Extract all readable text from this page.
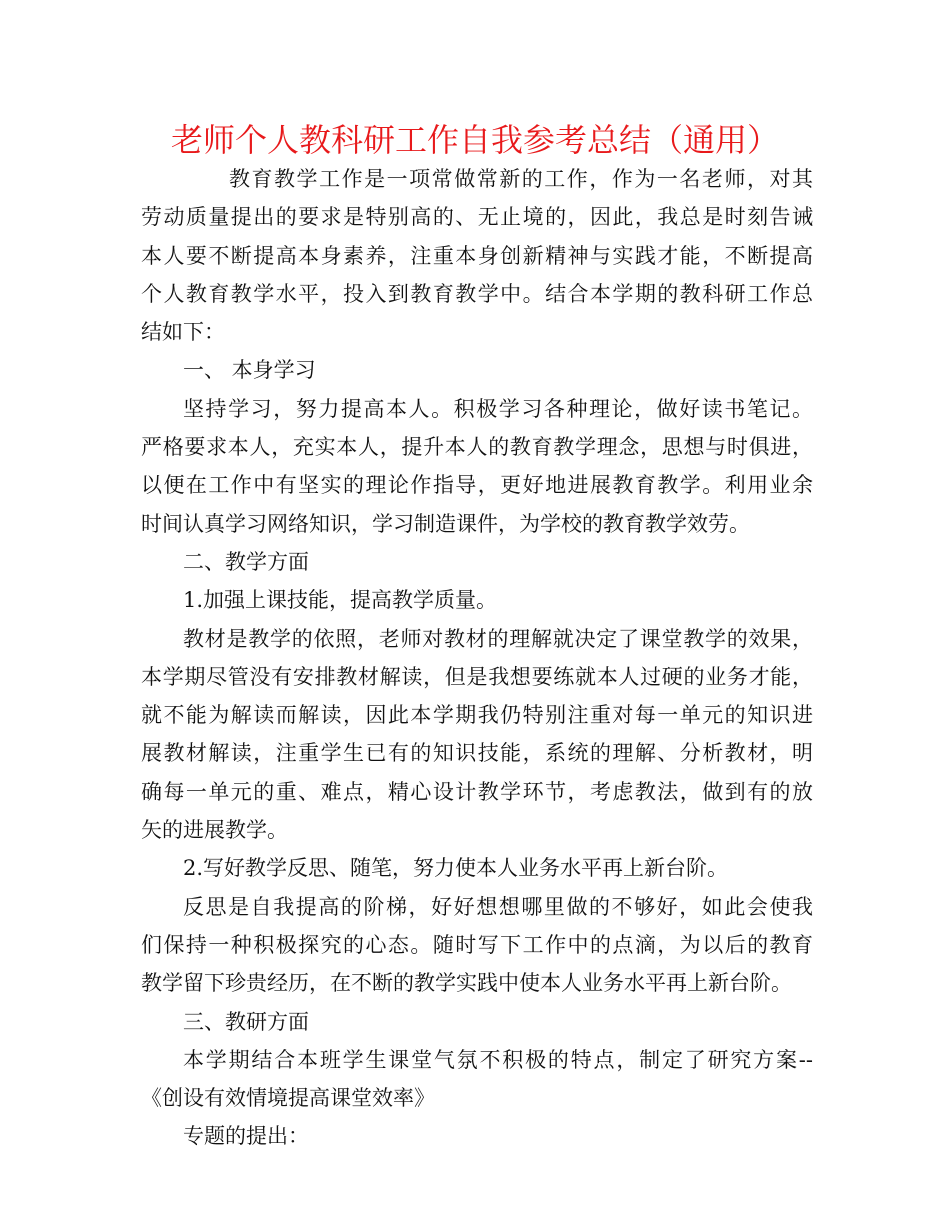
老师个人教科研工作自我参考总结（通用）
教育教学工作是一项常做常新的工作，作为一名老师，对其
劳动质量提出的要求是特别高的、无止境的，因此，我总是时刻告诫
本人要不断提高本身素养，注重本身创新精神与实践才能，不断提高
个人教育教学水平，投入到教育教学中。结合本学期的教科研工作总
结如下：
一、 本身学习
坚持学习，努力提高本人。积极学习各种理论，做好读书笔记。
严格要求本人，充实本人，提升本人的教育教学理念，思想与时俱进，
以便在工作中有坚实的理论作指导，更好地进展教育教学。利用业余
时间认真学习网络知识，学习制造课件，为学校的教育教学效劳。
二、教学方面
1.加强上课技能，提高教学质量。
教材是教学的依照，老师对教材的理解就决定了课堂教学的效果，
本学期尽管没有安排教材解读，但是我想要练就本人过硬的业务才能，
就不能为解读而解读，因此本学期我仍特别注重对每一单元的知识进
展教材解读，注重学生已有的知识技能，系统的理解、分析教材，明
确每一单元的重、难点，精心设计教学环节，考虑教法，做到有的放
矢的进展教学。
2.写好教学反思、随笔，努力使本人业务水平再上新台阶。
反思是自我提高的阶梯，好好想想哪里做的不够好，如此会使我
们保持一种积极探究的心态。随时写下工作中的点滴，为以后的教育
教学留下珍贵经历，在不断的教学实践中使本人业务水平再上新台阶。
三、教研方面
本学期结合本班学生课堂气氛不积极的特点，制定了研究方案--
《创设有效情境提高课堂效率》
专题的提出：
